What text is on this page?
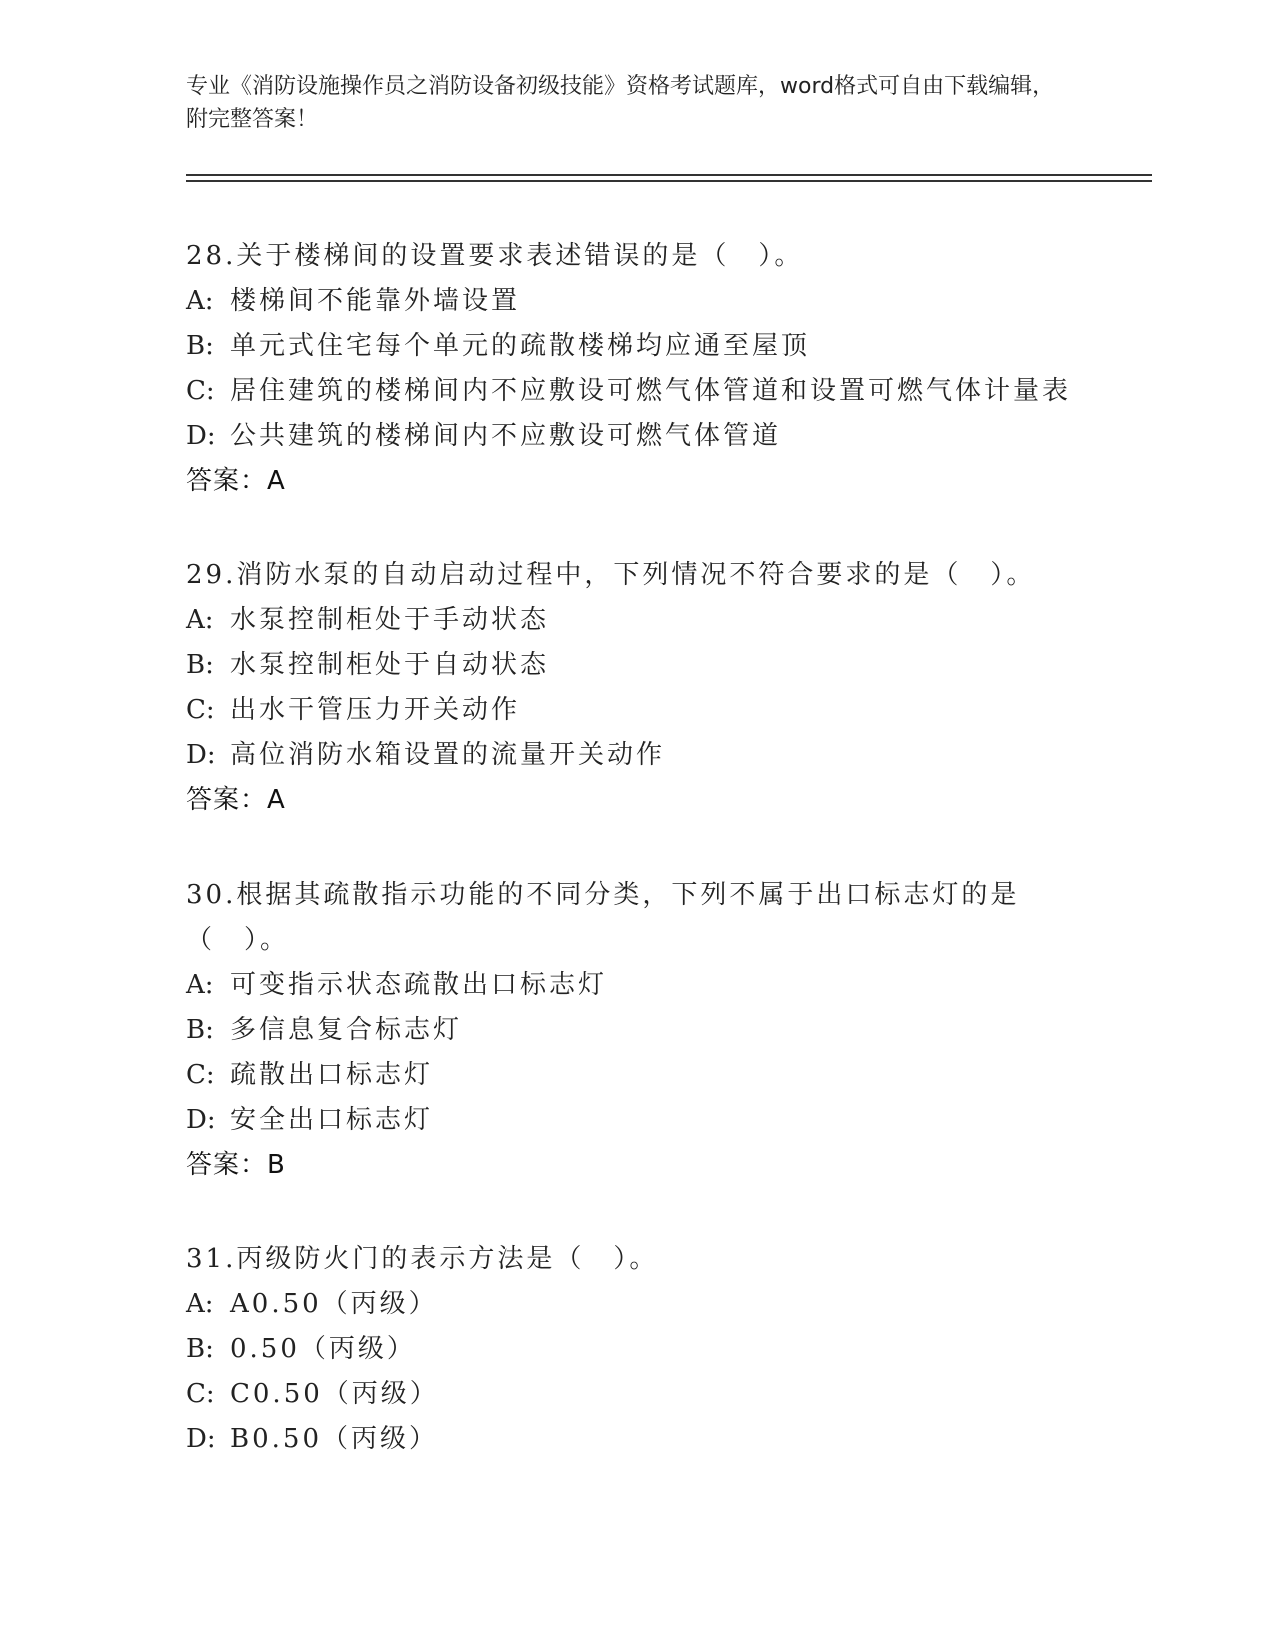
专业《消防设施操作员之消防设备初级技能》资格考试题库，word格式可自由下载编辑，附完整答案！
28.关于楼梯间的设置要求表述错误的是（　）。
A: 楼梯间不能靠外墙设置
B: 单元式住宅每个单元的疏散楼梯均应通至屋顶
C: 居住建筑的楼梯间内不应敷设可燃气体管道和设置可燃气体计量表
D: 公共建筑的楼梯间内不应敷设可燃气体管道
答案：A
29.消防水泵的自动启动过程中，下列情况不符合要求的是（　）。
A: 水泵控制柜处于手动状态
B: 水泵控制柜处于自动状态
C: 出水干管压力开关动作
D: 高位消防水箱设置的流量开关动作
答案：A
30.根据其疏散指示功能的不同分类，下列不属于出口标志灯的是（　）。
A: 可变指示状态疏散出口标志灯
B: 多信息复合标志灯
C: 疏散出口标志灯
D: 安全出口标志灯
答案：B
31.丙级防火门的表示方法是（　）。
A: A0.50（丙级）
B: 0.50（丙级）
C: C0.50（丙级）
D: B0.50（丙级）
